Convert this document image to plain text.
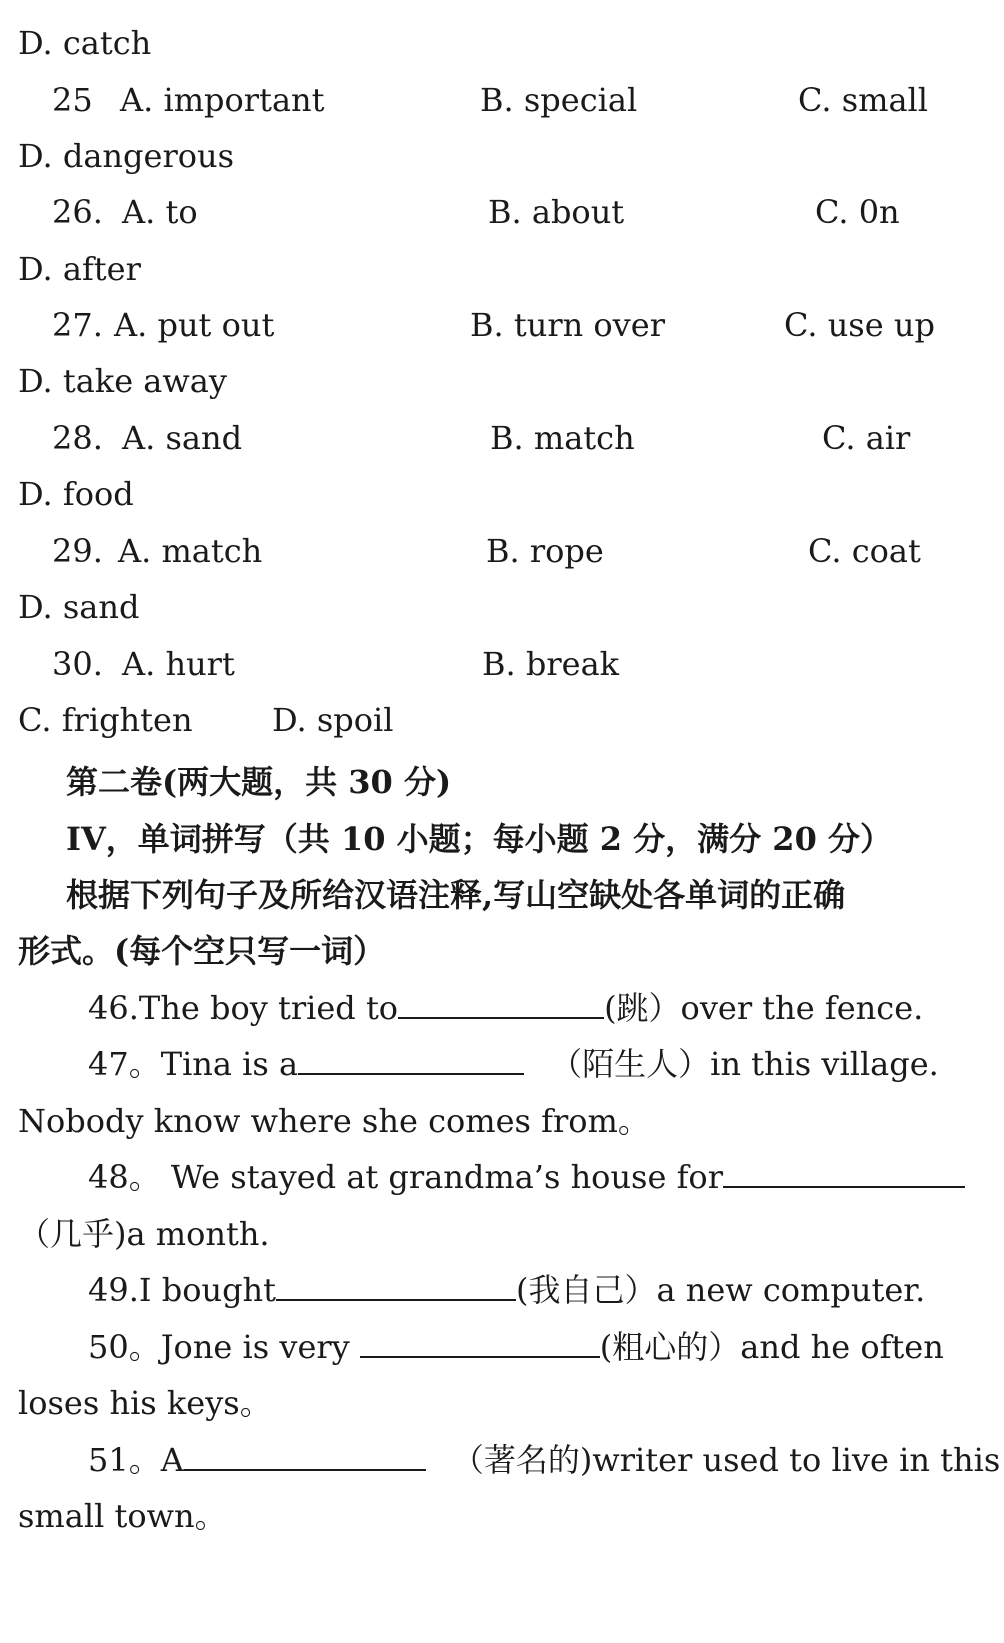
D. catch
25 A. important	B. special	C. small
D. dangerous
26. A. to	B. about	C. 0n
D. after
27. A. put out	B. turn over	C. use up
D. take away
28. A. sand	B. match	C. air
D. food
29. A. match	B. rope	C. coat
D. sand
30. A. hurt	B. break
C. frighten D. spoil
第二卷(两大题，共 30 分)
IV，单词拼写（共 10 小题；每小题 2 分，满分 20 分）
根据下列句子及所给汉语注释,写山空缺处各单词的正确
形式。(每个空只写一词）
46.The boy tried to	(跳）over the fence.
47。Tina is a	（陌生人）in this village.
Nobody know where she comes from。
48。 We stayed at grandma’s house for
（几乎)a month.
49.I bought	(我自己）a new computer.
50。Jone is very	(粗心的）and he often
loses his keys。
51。A	（著名的)writer used to live in this
small town。
